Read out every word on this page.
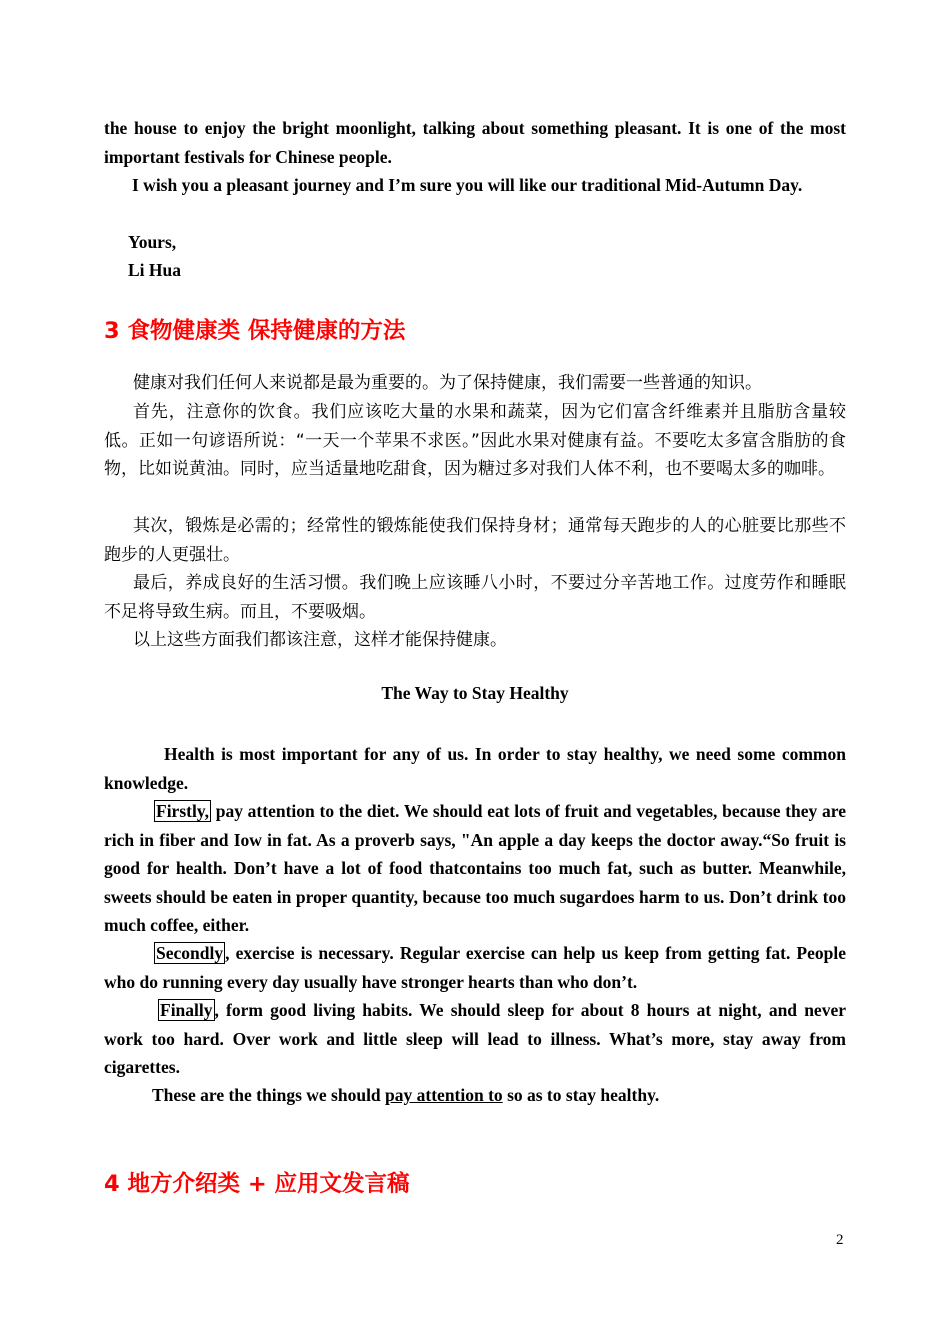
the house to enjoy the bright moonlight, talking about something pleasant. It is one of the most important festivals for Chinese people.

I wish you a pleasant journey and I’m sure you will like our traditional Mid-Autumn Day.

Yours,

Li Hua

3 食物健康类 保持健康的方法

健康对我们任何人来说都是最为重要的。为了保持健康，我们需要一些普通的知识。

首先，注意你的饮食。我们应该吃大量的水果和蔬菜，因为它们富含纤维素并且脂肪含量较低。正如一句谚语所说：“一天一个苹果不求医。”因此水果对健康有益。不要吃太多富含脂肪的食物，比如说黄油。同时，应当适量地吃甜食，因为糖过多对我们人体不利，也不要喝太多的咖啡。

其次，锻炼是必需的；经常性的锻炼能使我们保持身材；通常每天跑步的人的心脏要比那些不跑步的人更强壮。

最后，养成良好的生活习惯。我们晚上应该睡八小时，不要过分辛苦地工作。过度劳作和睡眠不足将导致生病。而且，不要吸烟。

以上这些方面我们都该注意，这样才能保持健康。

The Way to Stay Healthy

Health is most important for any of us. In order to stay healthy, we need some common knowledge.

Firstly, pay attention to the diet. We should eat lots of fruit and vegetables, because they are rich in fiber and Iow in fat. As a proverb says, "An apple a day keeps the doctor away.“So fruit is good for health. Don’t have a lot of food thatcontains too much fat, such as butter. Meanwhile, sweets should be eaten in proper quantity, because too much sugardoes harm to us. Don’t drink too much coffee, either.

Secondly , exercise is necessary. Regular exercise can help us keep from getting fat. People who do running every day usually have stronger hearts than who don’t.

Finally , form good living habits. We should sleep for about 8 hours at night, and never work too hard. Over work and little sleep will lead to illness. What’s more, stay away from cigarettes.

These are the things we should pay attention to so as to stay healthy.

4 地方介绍类 + 应用文发言稿

2
